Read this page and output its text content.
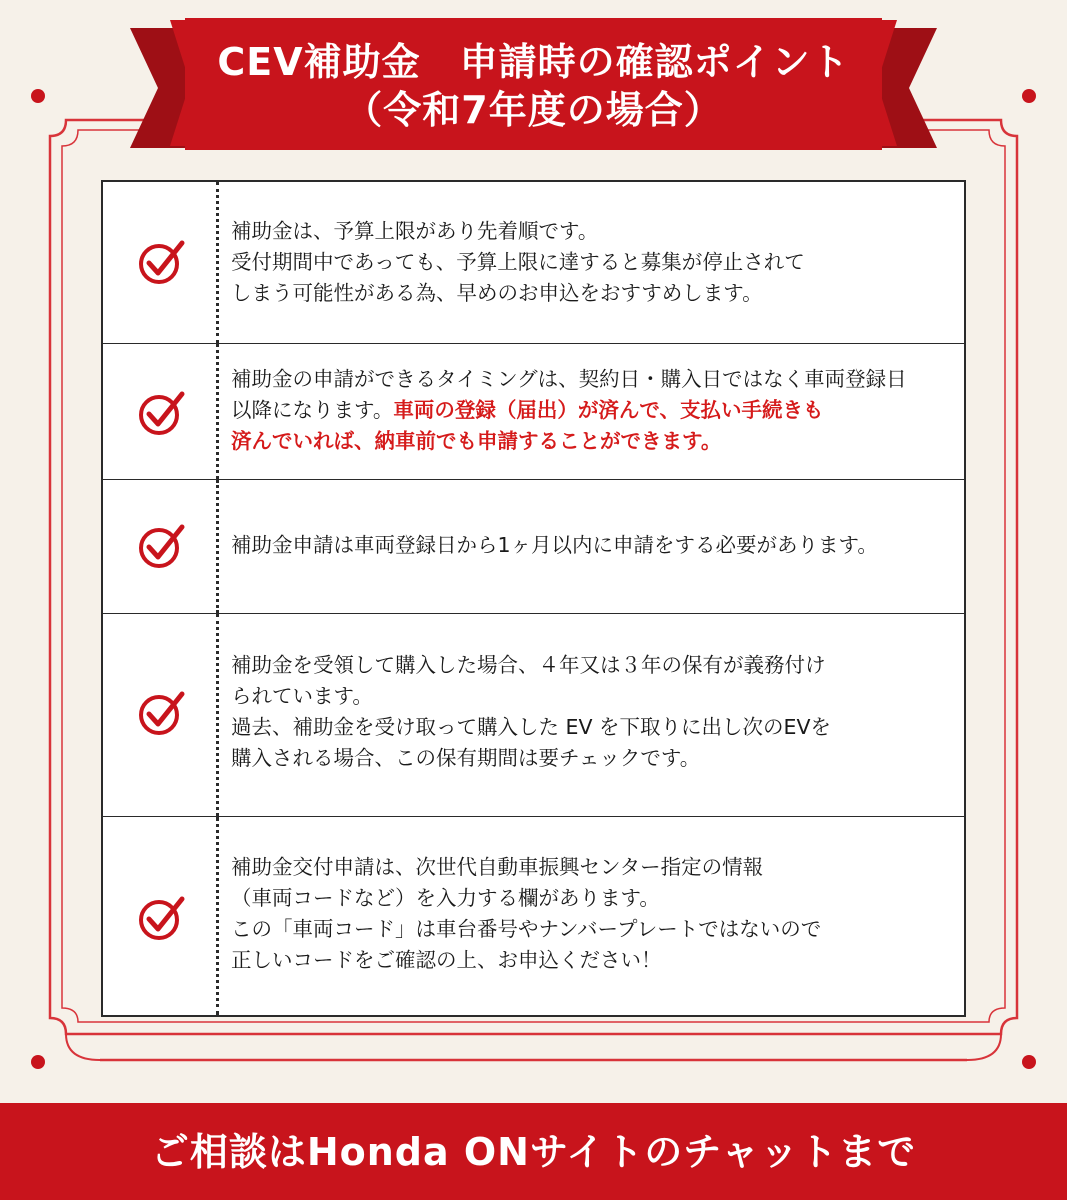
CEV補助金　申請時の確認ポイント
（令和7年度の場合）
補助金は、予算上限があり先着順です。
受付期間中であっても、予算上限に達すると募集が停止されて
しまう可能性がある為、早めのお申込をおすすめします。
補助金の申請ができるタイミングは、契約日・購入日ではなく車両登録日
以降になります。車両の登録（届出）が済んで、支払い手続きも
済んでいれば、納車前でも申請することができます。
補助金申請は車両登録日から1ヶ月以内に申請をする必要があります。
補助金を受領して購入した場合、４年又は３年の保有が義務付け
られています。
過去、補助金を受け取って購入した EV を下取りに出し次のEVを
購入される場合、この保有期間は要チェックです。
補助金交付申請は、次世代自動車振興センター指定の情報
（車両コードなど）を入力する欄があります。
この「車両コード」は車台番号やナンバープレートではないので
正しいコードをご確認の上、お申込ください！
ご相談はHonda ONサイトのチャットまで
